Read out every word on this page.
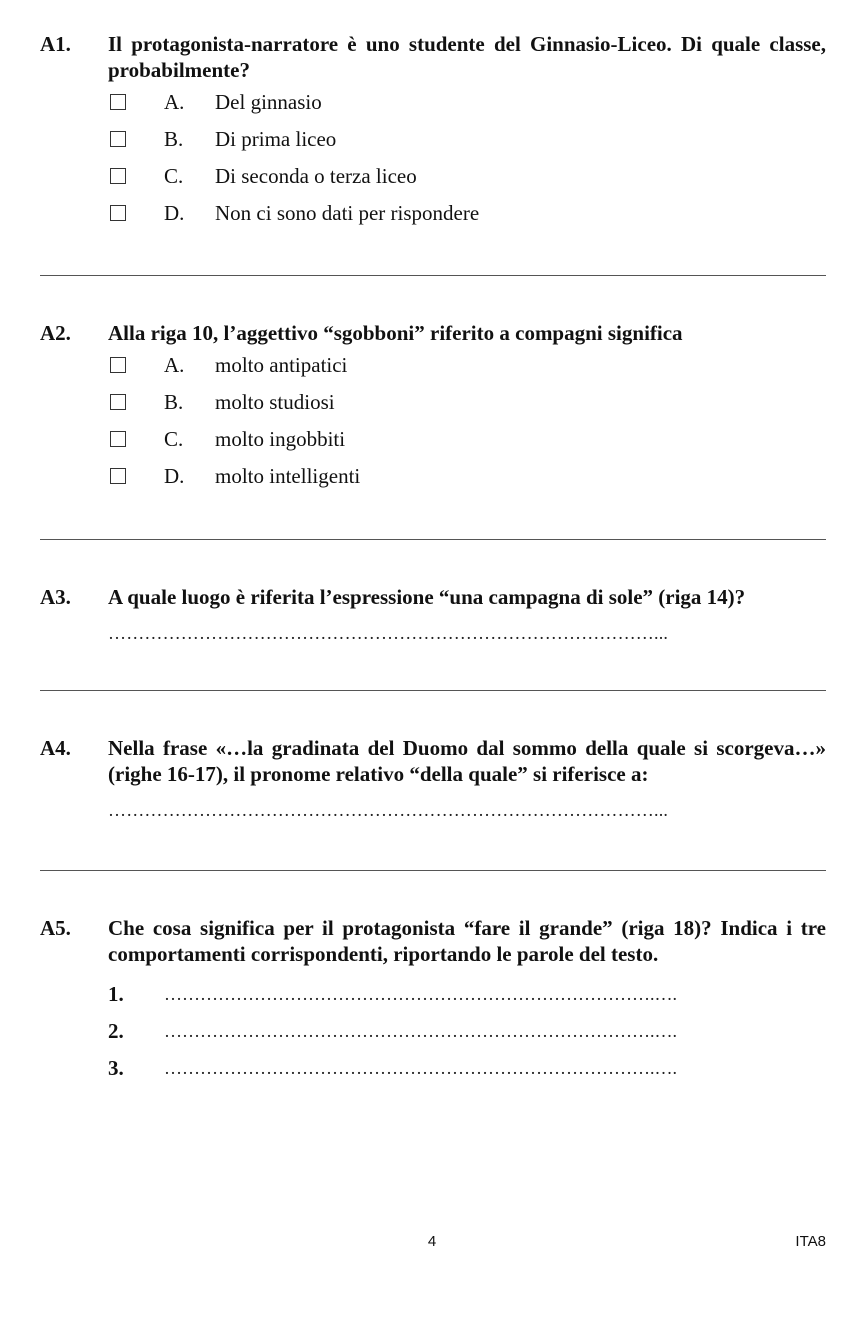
A1. Il protagonista-narratore è uno studente del Ginnasio-Liceo. Di quale classe, probabilmente?
A. Del ginnasio
B. Di prima liceo
C. Di seconda o terza liceo
D. Non ci sono dati per rispondere
A2. Alla riga 10, l’aggettivo “sgobboni” riferito a compagni significa
A. molto antipatici
B. molto studiosi
C. molto ingobbiti
D. molto intelligenti
A3. A quale luogo è riferita l’espressione “una campagna di sole” (riga 14)?
………………………………………………………………………………...
A4. Nella frase «…la gradinata del Duomo dal sommo della quale si scorgeva…» (righe 16-17), il pronome relativo “della quale” si riferisce a:
………………………………………………………………………………...
A5. Che cosa significa per il protagonista “fare il grande” (riga 18)? Indica i tre comportamenti corrispondenti, riportando le parole del testo.
1. ……………………………………………………………………….….
2. ……………………………………………………………………….….
3. ……………………………………………………………………….….
4	ITA8
